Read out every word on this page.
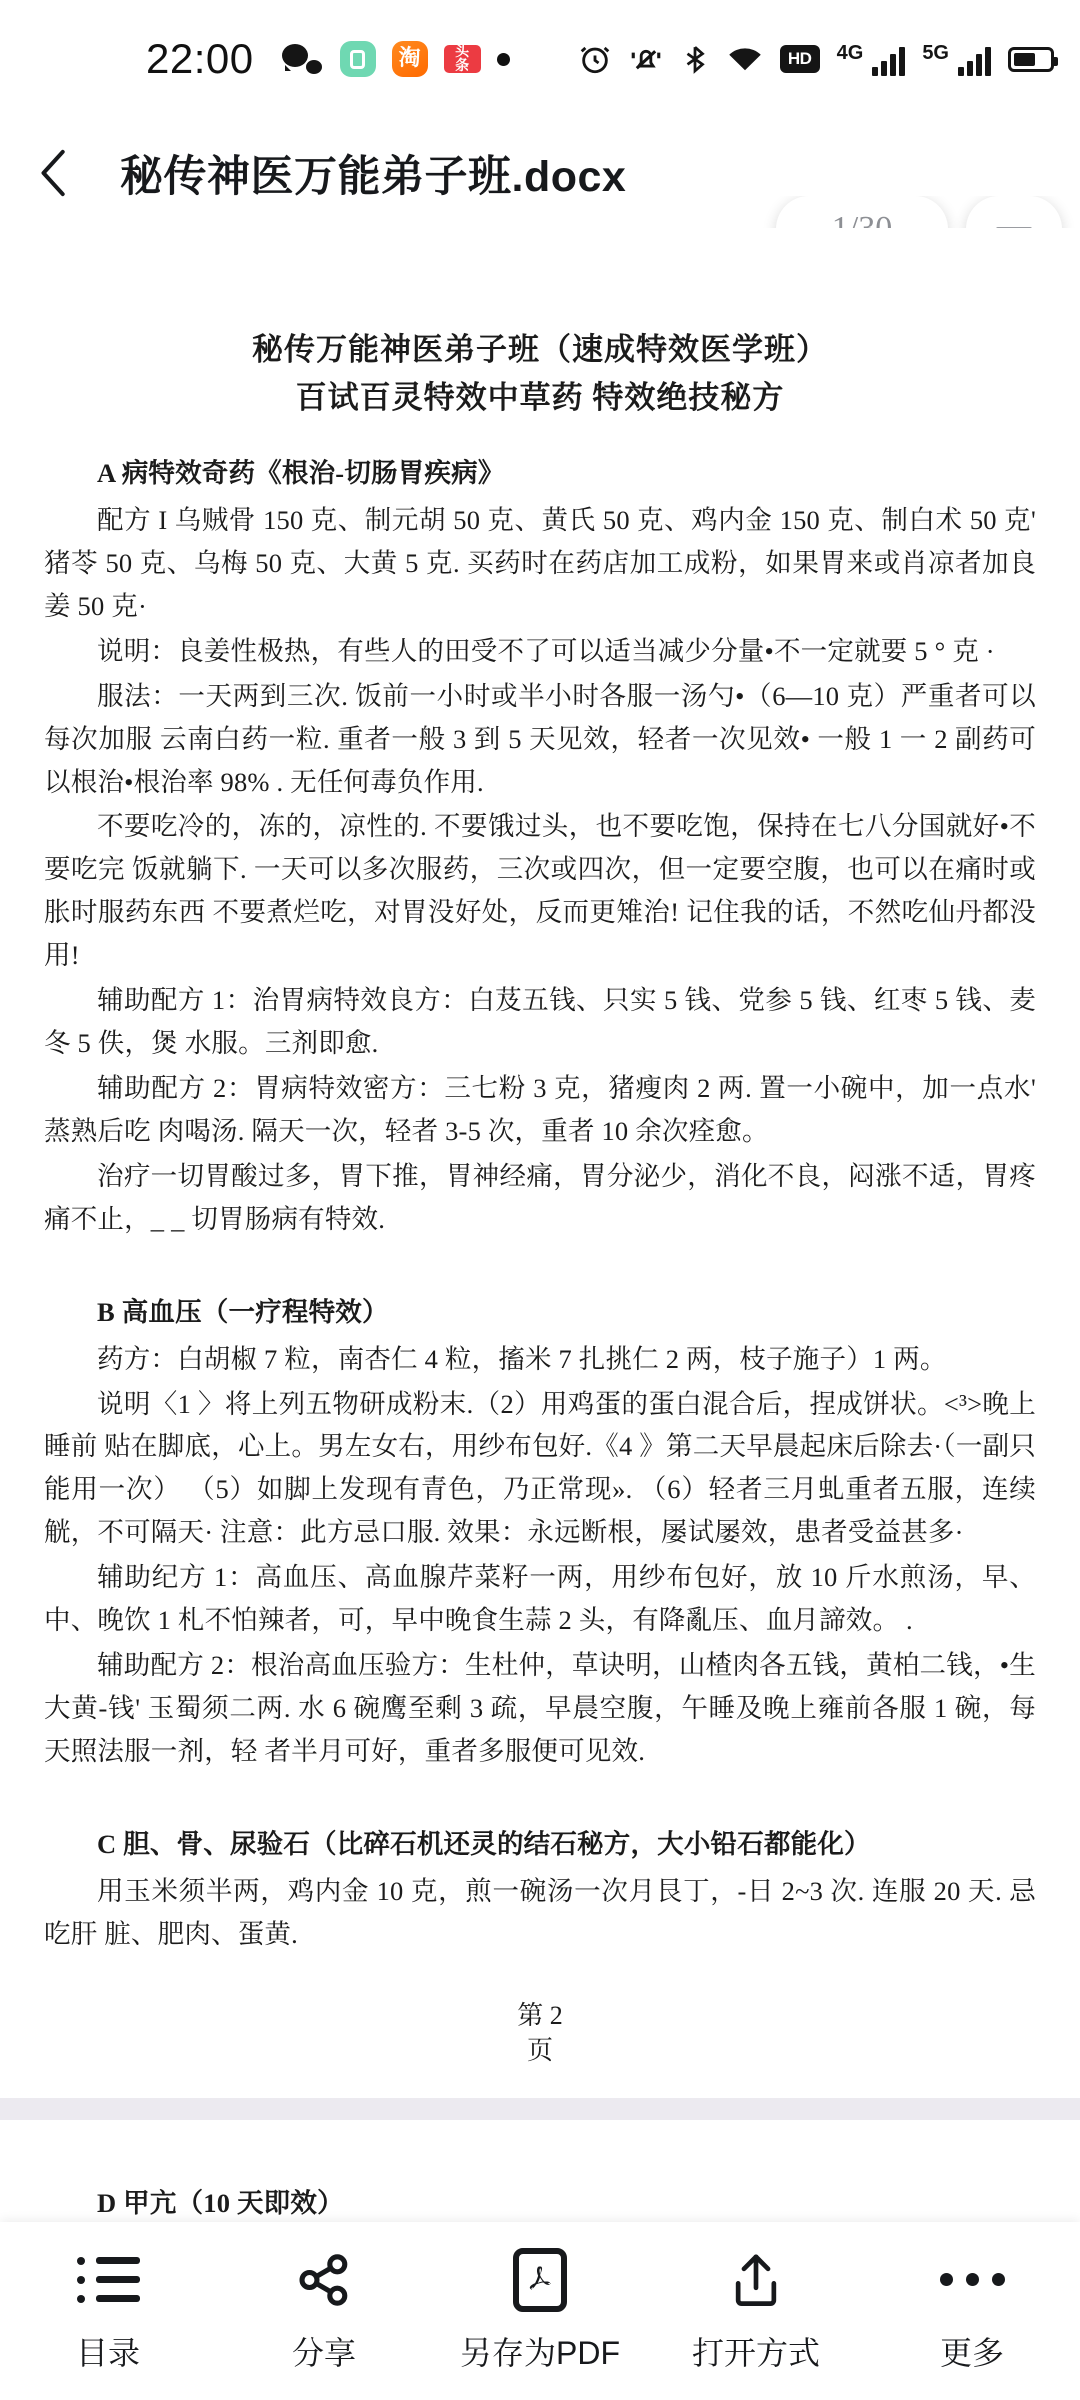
22:00	淘	头
条	HD	4G	5G
秘传神医万能弟子班.docx
秘传万能神医弟子班（速成特效医学班）
百试百灵特效中草药 特效绝技秘方

A 病特效奇药《根治-切肠胃疾病》

配方 I 乌贼骨 150 克、制元胡 50 克、黄氏 50 克、鸡内金 150 克、制白术 50 克' 猪苓 50 克、乌梅 50 克、大黄 5 克. 买药时在药店加工成粉，如果胃来或肖凉者加良姜 50 克·

说明：良姜性极热，有些人的田受不了可以适当减少分量•不一定就要 5 ° 克 ·

服法：一天两到三次. 饭前一小时或半小时各服一汤勺•（6—10 克）严重者可以每次加服 云南白药一粒. 重者一般 3 到 5 天见效，轻者一次见效• 一般 1 一 2 副药可以根治•根治率 98% . 无任何毒负作用.

不要吃冷的，冻的，凉性的. 不要饿过头，也不要吃饱，保持在七八分国就好•不要吃完 饭就躺下. 一天可以多次服药，三次或四次，但一定要空腹，也可以在痛时或胀时服药东西 不要煮烂吃，对胃没好处，反而更雉治! 记住我的话，不然吃仙丹都没用!

辅助配方 1：治胃病特效良方：白芨五钱、只实 5 钱、党参 5 钱、红枣 5 钱、麦冬 5 佚，煲 水服。三剂即愈.

辅助配方 2：胃病特效密方：三七粉 3 克，猪瘦肉 2 两. 置一小碗中，加一点水' 蒸熟后吃 肉喝汤. 隔天一次，轻者 3-5 次，重者 10 余次痊愈。

治疗一切胃酸过多，胃下推，胃神经痛，胃分泌少，消化不良，闷涨不适，胃疼痛不止，_ _ 切胃肠病有特效.

B 高血压（一疗程特效）

药方：白胡椒 7 粒，南杏仁 4 粒，搐米 7 扎挑仁 2 两，枝子施子）1 两。

说明〈1 〉将上列五物研成粉末.（2）用鸡蛋的蛋白混合后，捏成饼状。<³>晚上睡前 贴在脚底，心上。男左女右，用纱布包好.《4 》第二天早晨起床后除去·（一副只能用一次） （5）如脚上发现有青色，乃正常现». （6）轻者三月虬重者五服，连续觥，不可隔天· 注意：此方忌口服. 效果：永远断根，屡试屡效，患者受益甚多·

辅助纪方 1：高血压、高血腺芹菜籽一两，用纱布包好，放 10 斤水煎汤，早、中、晚饮 1 札不怕辣者，可，早中晚食生蒜 2 头，有降亂压、血月諦效。 .

辅助配方 2：根治高血压验方：生杜仲，草诀明，山楂肉各五钱，黄柏二钱，•生大黄-钱' 玉蜀须二两. 水 6 碗鹰至剩 3 疏，早晨空腹，午睡及晚上雍前各服 1 碗，每天照法服一剂，轻 者半月可好，重者多服便可见效.

C 胆、骨、尿验石（比碎石机还灵的结石秘方，大小铅石都能化）

用玉米须半两，鸡内金 10 克，煎一碗汤一次月艮丁，-日 2~3 次. 连服 20 天. 忌吃肝 脏、肥肉、蛋黄.

第 2
页

D 甲亢（10 天即效）

目录	分享	另存为PDF 打开方式	更多
